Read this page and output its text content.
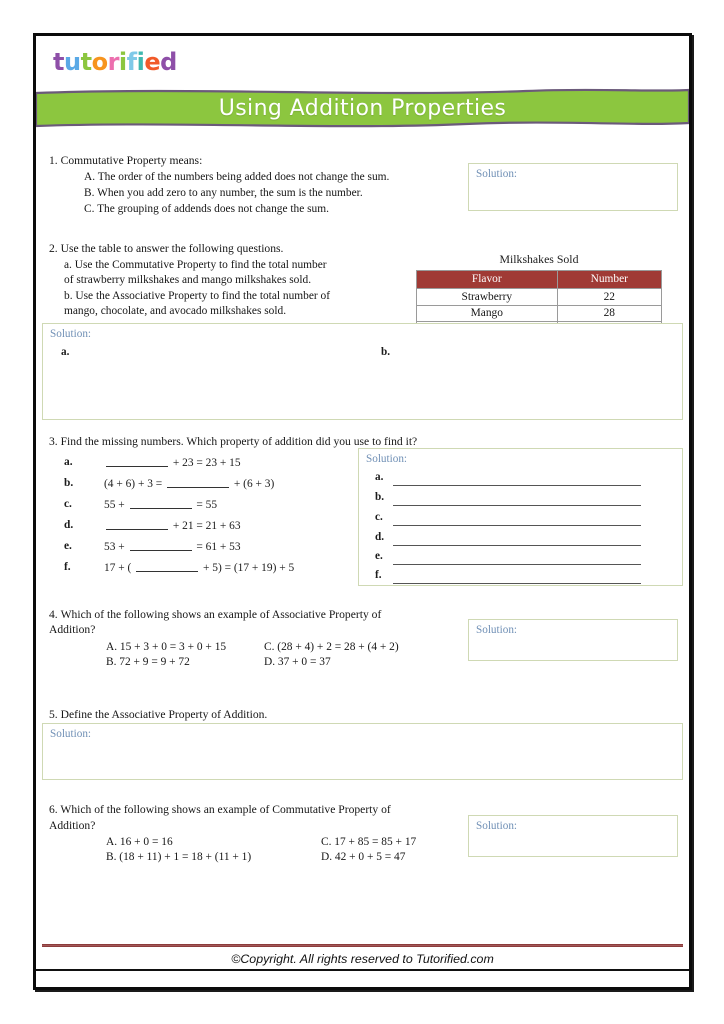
tutorified
Using Addition Properties
1. Commutative Property means:
A. The order of the numbers being added does not change the sum.
B. When you add zero to any number, the sum is the number.
C. The grouping of addends does not change the sum.
Solution:
2. Use the table to answer the following questions.
a. Use the Commutative Property to find the total number
of strawberry milkshakes and mango milkshakes sold.
b. Use the Associative Property to find the total number of
mango, chocolate, and avocado milkshakes sold.
Milkshakes Sold
Flavor	Number
Strawberry	22
Mango	28

Solution:
a.	b.
3. Find the missing numbers. Which property of addition did you use to find it?
a.	+ 23 = 23 + 15
b.	(4 + 6) + 3 =	+ (6 + 3)
c.	55 +	= 55
d.	+ 21 = 21 + 63
e.	53 +	= 61 + 53
f.	17 + (	+ 5) = (17 + 19) + 5
Solution:
a.
b.
c.
d.
e.
f.
4. Which of the following shows an example of Associative Property of
Addition?
A. 15 + 3 + 0 = 3 + 0 + 15
B. 72 + 9 = 9 + 72
C. (28 + 4) + 2 = 28 + (4 + 2)
D. 37 + 0 = 37
Solution:
5. Define the Associative Property of Addition.
Solution:
6. Which of the following shows an example of Commutative Property of
Addition?
A. 16 + 0 = 16
B. (18 + 11) + 1 = 18 + (11 + 1)
C. 17 + 85 = 85 + 17
D. 42 + 0 + 5 = 47
Solution:
©Copyright. All rights reserved to Tutorified.com
